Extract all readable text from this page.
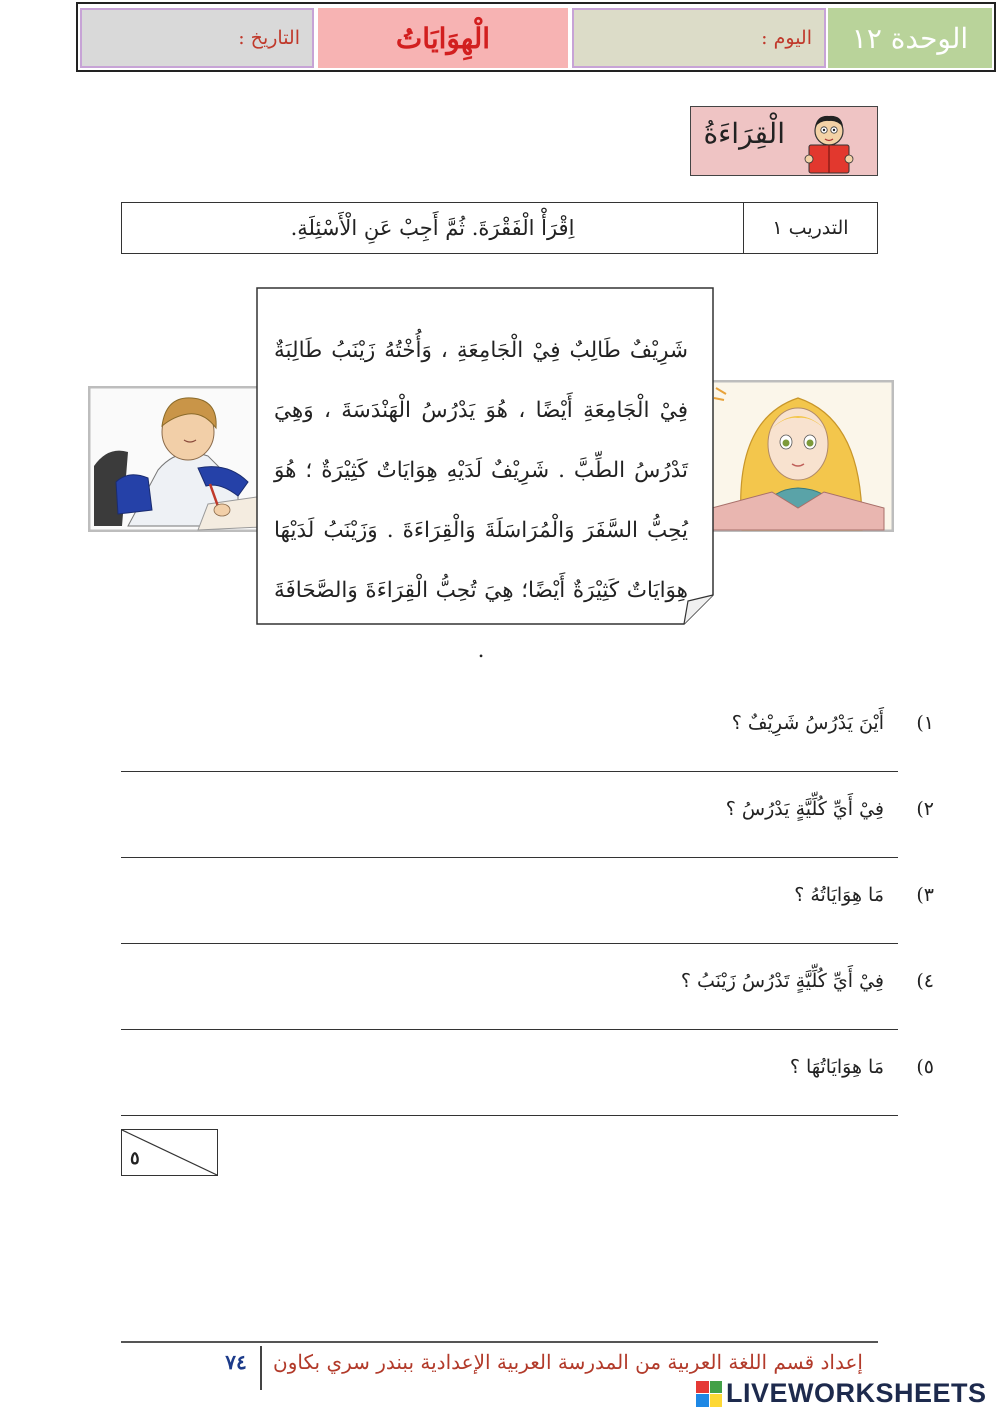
الوحدة ١٢
اليوم :
الْهِوَايَاتُ
التاريخ :
الْقِرَاءَةُ
التدريب ١
اِقْرَأْ الْفَقْرَةَ. ثُمَّ أَجِبْ عَنِ الْأَسْئِلَةِ.
شَرِيْفٌ طَالِبٌ فِيْ الْجَامِعَةِ ، وَأُخْتُهُ زَيْنَبُ طَالِبَةٌ فِيْ الْجَامِعَةِ أَيْضًا ، هُوَ يَدْرُسُ الْهَنْدَسَةَ ، وَهِيَ تَدْرُسُ الطِّبَّ . شَرِيْفٌ لَدَيْهِ هِوَايَاتٌ كَثِيْرَةٌ ؛ هُوَ يُحِبُّ السَّفَرَ وَالْمُرَاسَلَةَ وَالْقِرَاءَةَ . وَزَيْنَبُ لَدَيْهَا هِوَايَاتٌ كَثِيْرَةٌ أَيْضًا؛ هِيَ تُحِبُّ الْقِرَاءَةَ وَالصَّحَافَةَ .
١)
أَيْنَ يَدْرُسُ شَرِيْفٌ ؟
٢)
فِيْ أَيِّ كُلِّيَّةٍ يَدْرُسُ ؟
٣)
مَا هِوَايَاتُهُ ؟
٤)
فِيْ أَيِّ كُلِّيَّةٍ تَدْرُسُ زَيْنَبُ ؟
٥)
مَا هِوَايَاتُهَا ؟
٥
إعداد قسم اللغة العربية من المدرسة العربية الإعدادية ببندر سري بكاون
٧٤
LIVEWORKSHEETS
